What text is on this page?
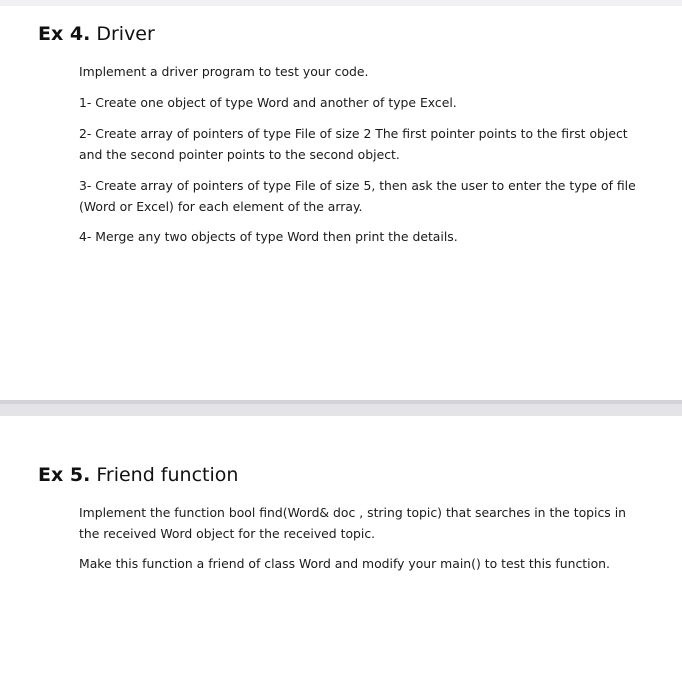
Ex 4. Driver

Implement a driver program to test your code.

1- Create one object of type Word and another of type Excel.

2- Create array of pointers of type File of size 2 The first pointer points to the first object and the second pointer points to the second object.

3- Create array of pointers of type File of size 5, then ask the user to enter the type of file (Word or Excel) for each element of the array.

4- Merge any two objects of type Word then print the details.

Ex 5. Friend function

Implement the function bool find(Word& doc , string topic) that searches in the topics in the received Word object for the received topic.

Make this function a friend of class Word and modify your main() to test this function.
